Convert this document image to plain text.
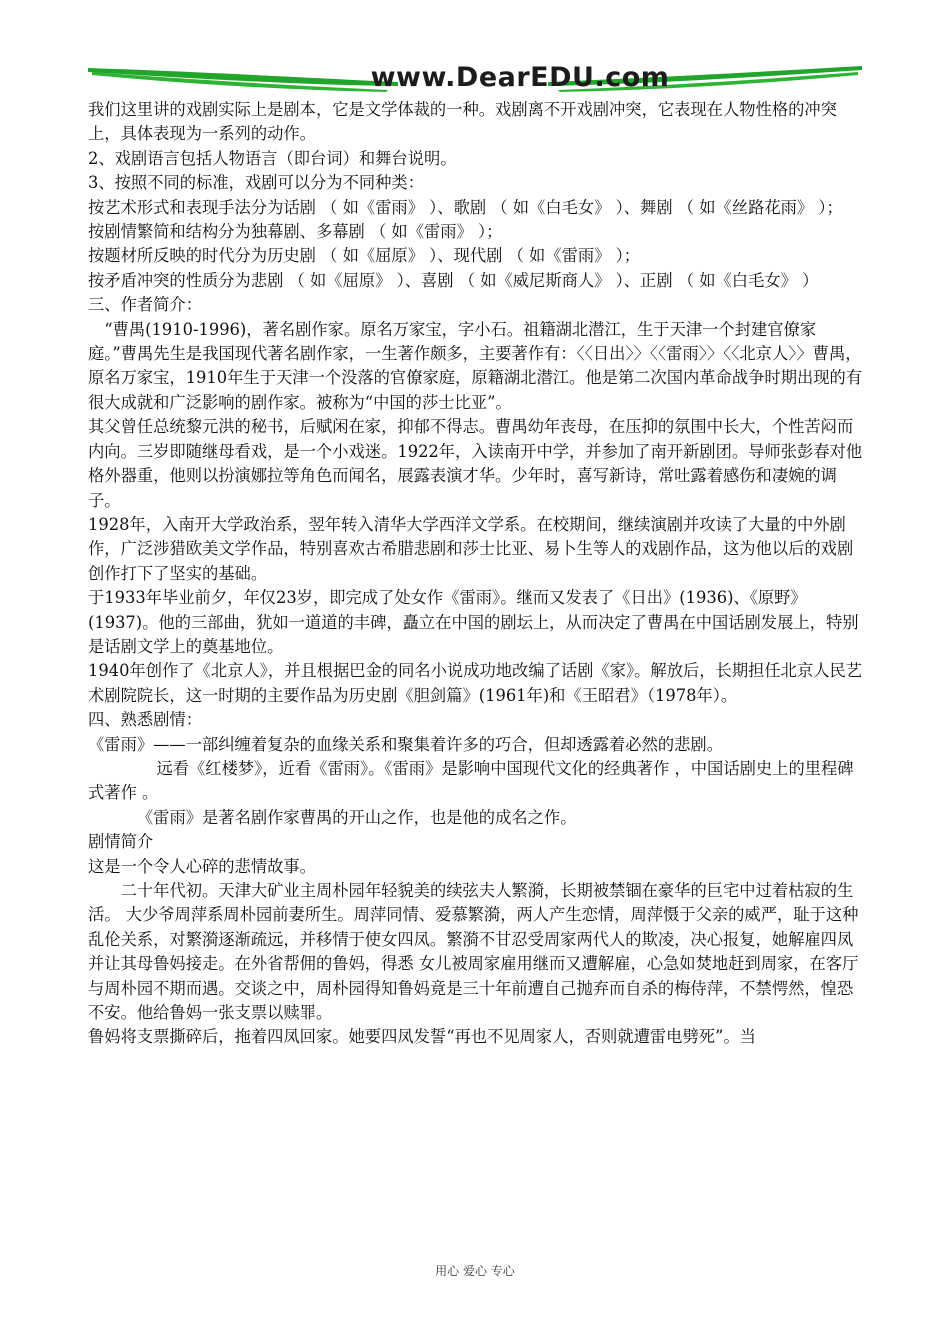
www.DearEDU.com

我们这里讲的戏剧实际上是剧本，它是文学体裁的一种。戏剧离不开戏剧冲突，它表现在人物性格的冲突上，具体表现为一系列的动作。

2、戏剧语言包括人物语言（即台词）和舞台说明。

3、按照不同的标准，戏剧可以分为不同种类：

按艺术形式和表现手法分为话剧 （ 如《雷雨》 ）、歌剧 （ 如《白毛女》 ）、舞剧 （ 如《丝路花雨》 ）；

按剧情繁简和结构分为独幕剧、多幕剧 （ 如《雷雨》 ）；

按题材所反映的时代分为历史剧 （ 如《屈原》 ）、现代剧 （ 如《雷雨》 ）；

按矛盾冲突的性质分为悲剧 （ 如《屈原》 ）、喜剧 （ 如《威尼斯商人》 ）、正剧 （ 如《白毛女》 ）

三、作者简介：

“曹禺(1910-1996)，著名剧作家。原名万家宝，字小石。祖籍湖北潜江，生于天津一个封建官僚家庭。”曹禺先生是我国现代著名剧作家，一生著作颇多，主要著作有：〈〈日出〉〉〈〈雷雨〉〉〈〈北京人〉〉曹禺，原名万家宝，1910年生于天津一个没落的官僚家庭，原籍湖北潜江。他是第二次国内革命战争时期出现的有很大成就和广泛影响的剧作家。被称为“中国的莎士比亚”。

其父曾任总统黎元洪的秘书，后赋闲在家，抑郁不得志。曹禺幼年丧母，在压抑的氛围中长大，个性苦闷而内向。三岁即随继母看戏，是一个小戏迷。1922年，入读南开中学，并参加了南开新剧团。导师张彭春对他格外器重，他则以扮演娜拉等角色而闻名，展露表演才华。少年时，喜写新诗，常吐露着感伤和凄婉的调子。

1928年，入南开大学政治系，翌年转入清华大学西洋文学系。在校期间，继续演剧并攻读了大量的中外剧作，广泛涉猎欧美文学作品，特别喜欢古希腊悲剧和莎士比亚、易卜生等人的戏剧作品，这为他以后的戏剧创作打下了坚实的基础。

于1933年毕业前夕，年仅23岁，即完成了处女作《雷雨》。继而又发表了《日出》(1936)、《原野》(1937)。他的三部曲，犹如一道道的丰碑，矗立在中国的剧坛上，从而决定了曹禺在中国话剧发展上，特别是话剧文学上的奠基地位。

1940年创作了《北京人》，并且根据巴金的同名小说成功地改编了话剧《家》。解放后，长期担任北京人民艺术剧院院长，这一时期的主要作品为历史剧《胆剑篇》(1961年)和《王昭君》（1978年）。

四、熟悉剧情：

《雷雨》——一部纠缠着复杂的血缘关系和聚集着许多的巧合，但却透露着必然的悲剧。

远看《红楼梦》，近看《雷雨》。《雷雨》是影响中国现代文化的经典著作 ，中国话剧史上的里程碑式著作 。

《雷雨》是著名剧作家曹禺的开山之作，也是他的成名之作。

剧情简介

这是一个令人心碎的悲情故事。

二十年代初。天津大矿业主周朴园年轻貌美的续弦夫人繁漪，长期被禁锢在豪华的巨宅中过着枯寂的生活。 大少爷周萍系周朴园前妻所生。周萍同情、爱慕繁漪，两人产生恋情，周萍慑于父亲的威严，耻于这种乱伦关系，对繁漪逐渐疏远，并移情于使女四凤。繁漪不甘忍受周家两代人的欺凌，决心报复，她解雇四凤并让其母鲁妈接走。在外省帮佣的鲁妈，得悉 女儿被周家雇用继而又遭解雇，心急如焚地赶到周家，在客厅与周朴园不期而遇。交谈之中，周朴园得知鲁妈竟是三十年前遭自己抛弃而自杀的梅侍萍，不禁愕然，惶恐不安。他给鲁妈一张支票以赎罪。

鲁妈将支票撕碎后，拖着四凤回家。她要四凤发誓“再也不见周家人，否则就遭雷电劈死”。当

用心 爱心 专心
